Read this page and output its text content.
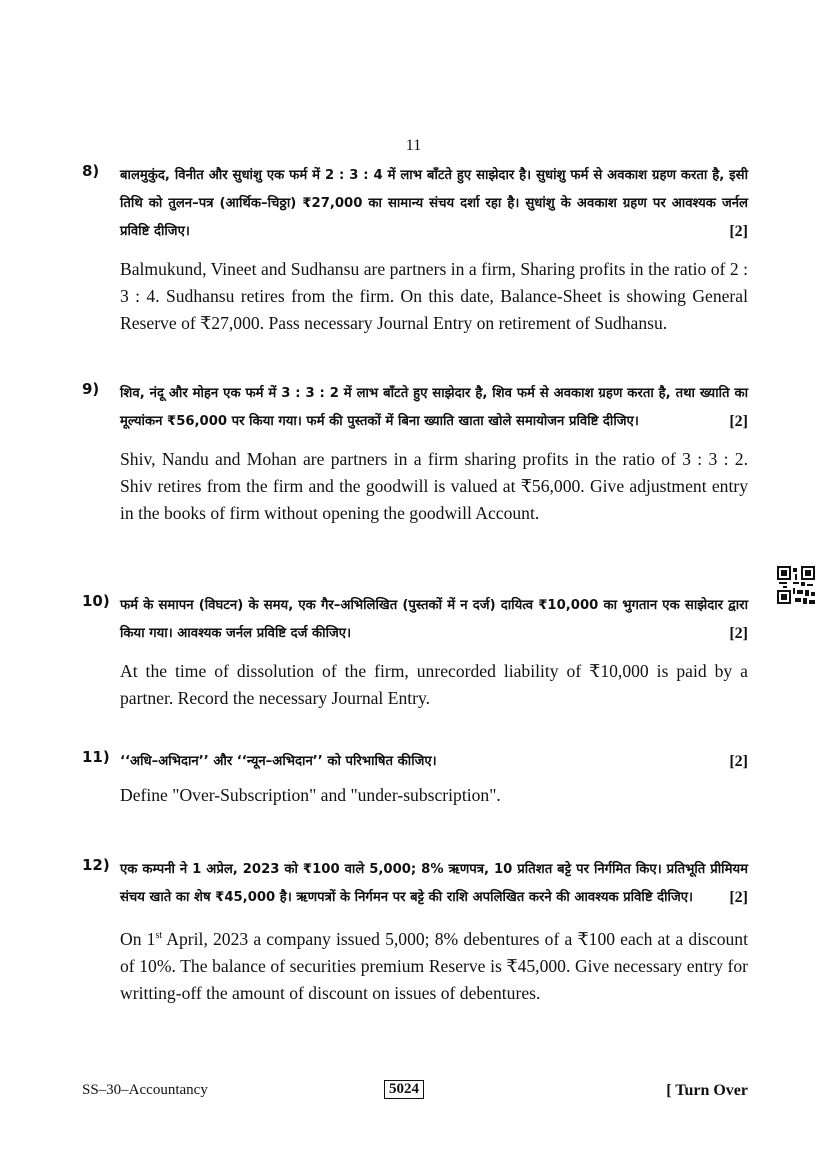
11
8) बालमुकुंद, विनीत और सुधांशु एक फर्म में 2 : 3 : 4 में लाभ बाँटते हुए साझेदार है। सुधांशु फर्म से अवकाश ग्रहण करता है, इसी तिथि को तुलन–पत्र (आर्थिक–चिठ्ठा) ₹27,000 का सामान्य संचय दर्शा रहा है। सुधांशु के अवकाश ग्रहण पर आवश्यक जर्नल प्रविष्टि दीजिए।	[2]

Balmukund, Vineet and Sudhansu are partners in a firm, Sharing profits in the ratio of 2 : 3 : 4. Sudhansu retires from the firm. On this date, Balance-Sheet is showing General Reserve of ₹27,000. Pass necessary Journal Entry on retirement of Sudhansu.

9) शिव, नंदू और मोहन एक फर्म में 3 : 3 : 2 में लाभ बाँटते हुए साझेदार है, शिव फर्म से अवकाश ग्रहण करता है, तथा ख्याति का मूल्यांकन ₹56,000 पर किया गया। फर्म की पुस्तकों में बिना ख्याति खाता खोले समायोजन प्रविष्टि दीजिए।	[2]

Shiv, Nandu and Mohan are partners in a firm sharing profits in the ratio of 3 : 3 : 2. Shiv retires from the firm and the goodwill is valued at ₹56,000. Give adjustment entry in the books of firm without opening the goodwill Account.

10) फर्म के समापन (विघटन) के समय, एक गैर–अभिलिखित (पुस्तकों में न दर्ज) दायित्व ₹10,000 का भुगतान एक साझेदार द्वारा किया गया। आवश्यक जर्नल प्रविष्टि दर्ज कीजिए।	[2]

At the time of dissolution of the firm, unrecorded liability of ₹10,000 is paid by a partner. Record the necessary Journal Entry.

11) ‘‘अधि–अभिदान’’ और ‘‘न्यून–अभिदान’’ को परिभाषित कीजिए।	[2]

Define "Over-Subscription" and "under-subscription".

12) एक कम्पनी ने 1 अप्रेल, 2023 को ₹100 वाले 5,000; 8% ऋणपत्र, 10 प्रतिशत बट्टे पर निर्गमित किए। प्रतिभूति प्रीमियम संचय खाते का शेष ₹45,000 है। ऋणपत्रों के निर्गमन पर बट्टे की राशि अपलिखित करने की आवश्यक प्रविष्टि दीजिए। [2]

On 1st April, 2023 a company issued 5,000; 8% debentures of a ₹100 each at a discount of 10%. The balance of securities premium Reserve is ₹45,000. Give necessary entry for writting-off the amount of discount on issues of debentures.

SS–30–Accountancy	5024	[ Turn Over
